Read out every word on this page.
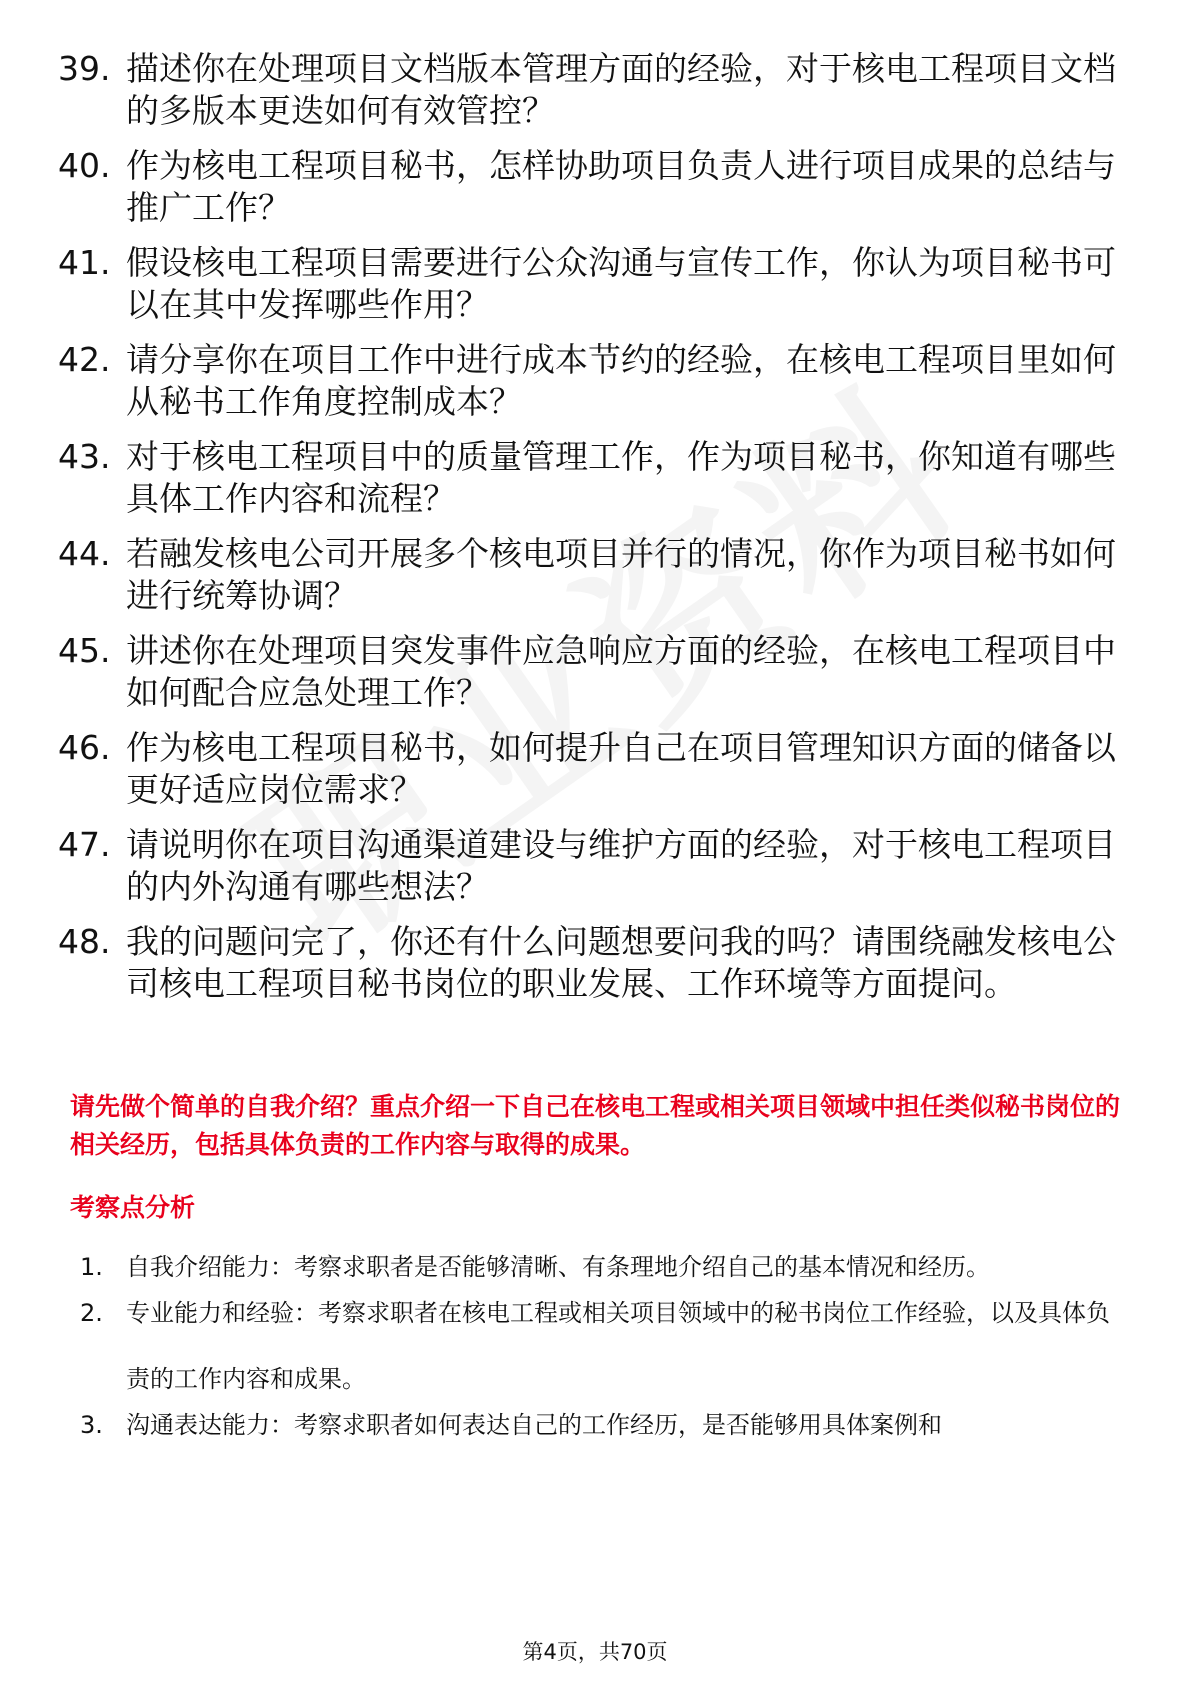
39. 描述你在处理项目文档版本管理方面的经验，对于核电工程项目文档的多版本更迭如何有效管控？
40. 作为核电工程项目秘书，怎样协助项目负责人进行项目成果的总结与推广工作？
41. 假设核电工程项目需要进行公众沟通与宣传工作，你认为项目秘书可以在其中发挥哪些作用？
42. 请分享你在项目工作中进行成本节约的经验，在核电工程项目里如何从秘书工作角度控制成本？
43. 对于核电工程项目中的质量管理工作，作为项目秘书，你知道有哪些具体工作内容和流程？
44. 若融发核电公司开展多个核电项目并行的情况，你作为项目秘书如何进行统筹协调？
45. 讲述你在处理项目突发事件应急响应方面的经验，在核电工程项目中如何配合应急处理工作？
46. 作为核电工程项目秘书，如何提升自己在项目管理知识方面的储备以更好适应岗位需求？
47. 请说明你在项目沟通渠道建设与维护方面的经验，对于核电工程项目的内外沟通有哪些想法？
48. 我的问题问完了，你还有什么问题想要问我的吗？请围绕融发核电公司核电工程项目秘书岗位的职业发展、工作环境等方面提问。
请先做个简单的自我介绍？重点介绍一下自己在核电工程或相关项目领域中担任类似秘书岗位的相关经历，包括具体负责的工作内容与取得的成果。
考察点分析
1. 自我介绍能力：考察求职者是否能够清晰、有条理地介绍自己的基本情况和经历。
2. 专业能力和经验：考察求职者在核电工程或相关项目领域中的秘书岗位工作经验，以及具体负责的工作内容和成果。
3. 沟通表达能力：考察求职者如何表达自己的工作经历，是否能够用具体案例和
第4页，共70页
